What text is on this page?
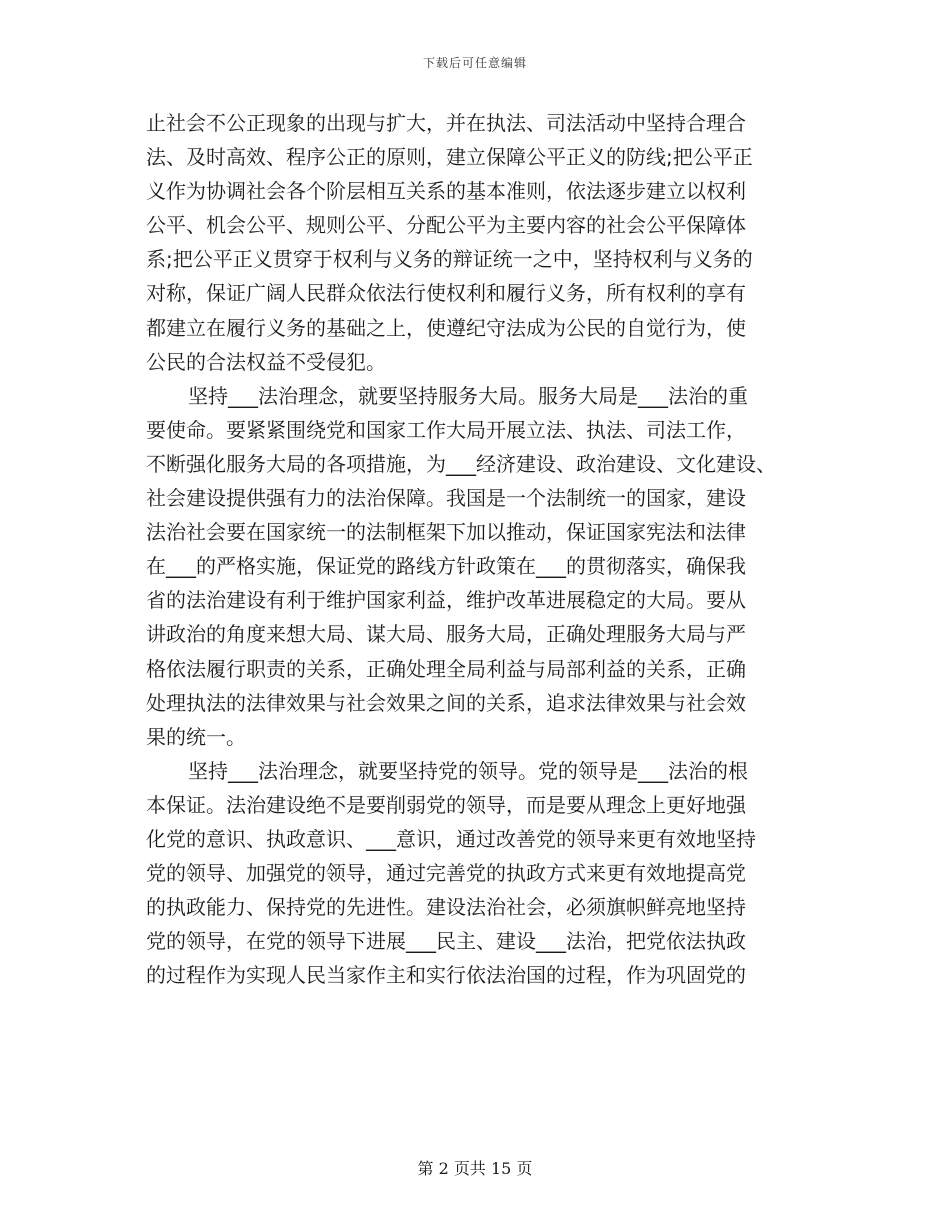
下载后可任意编辑
止社会不公正现象的出现与扩大，并在执法、司法活动中坚持合理合
法、及时高效、程序公正的原则，建立保障公平正义的防线;把公平正
义作为协调社会各个阶层相互关系的基本准则，依法逐步建立以权利
公平、机会公平、规则公平、分配公平为主要内容的社会公平保障体
系;把公平正义贯穿于权利与义务的辩证统一之中，坚持权利与义务的
对称，保证广阔人民群众依法行使权利和履行义务，所有权利的享有
都建立在履行义务的基础之上，使遵纪守法成为公民的自觉行为，使
公民的合法权益不受侵犯。
坚持___法治理念，就要坚持服务大局。服务大局是___法治的重
要使命。要紧紧围绕党和国家工作大局开展立法、执法、司法工作，
不断强化服务大局的各项措施，为___经济建设、政治建设、文化建设、
社会建设提供强有力的法治保障。我国是一个法制统一的国家，建设
法治社会要在国家统一的法制框架下加以推动，保证国家宪法和法律
在___的严格实施，保证党的路线方针政策在___的贯彻落实，确保我
省的法治建设有利于维护国家利益，维护改革进展稳定的大局。要从
讲政治的角度来想大局、谋大局、服务大局，正确处理服务大局与严
格依法履行职责的关系，正确处理全局利益与局部利益的关系，正确
处理执法的法律效果与社会效果之间的关系，追求法律效果与社会效
果的统一。
坚持___法治理念，就要坚持党的领导。党的领导是___法治的根
本保证。法治建设绝不是要削弱党的领导，而是要从理念上更好地强
化党的意识、执政意识、___意识，通过改善党的领导来更有效地坚持
党的领导、加强党的领导，通过完善党的执政方式来更有效地提高党
的执政能力、保持党的先进性。建设法治社会，必须旗帜鲜亮地坚持
党的领导，在党的领导下进展___民主、建设___法治，把党依法执政
的过程作为实现人民当家作主和实行依法治国的过程，作为巩固党的
第 2 页共 15 页
